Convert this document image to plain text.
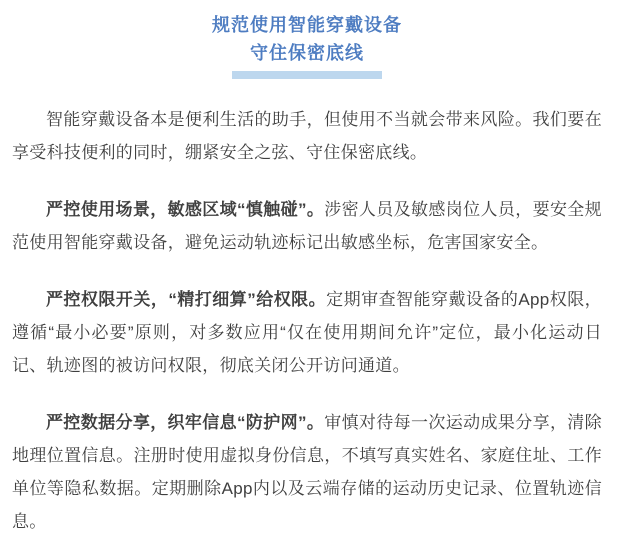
规范使用智能穿戴设备
守住保密底线

智能穿戴设备本是便利生活的助手，但使用不当就会带来风险。我们要在享受科技便利的同时，绷紧安全之弦、守住保密底线。

严控使用场景，敏感区域“慎触碰”。涉密人员及敏感岗位人员，要安全规范使用智能穿戴设备，避免运动轨迹标记出敏感坐标，危害国家安全。

严控权限开关，“精打细算”给权限。定期审查智能穿戴设备的App权限，遵循“最小必要”原则，对多数应用“仅在使用期间允许”定位，最小化运动日记、轨迹图的被访问权限，彻底关闭公开访问通道。

严控数据分享，织牢信息“防护网”。审慎对待每一次运动成果分享，清除地理位置信息。注册时使用虚拟身份信息，不填写真实姓名、家庭住址、工作单位等隐私数据。定期删除App内以及云端存储的运动历史记录、位置轨迹信息。
